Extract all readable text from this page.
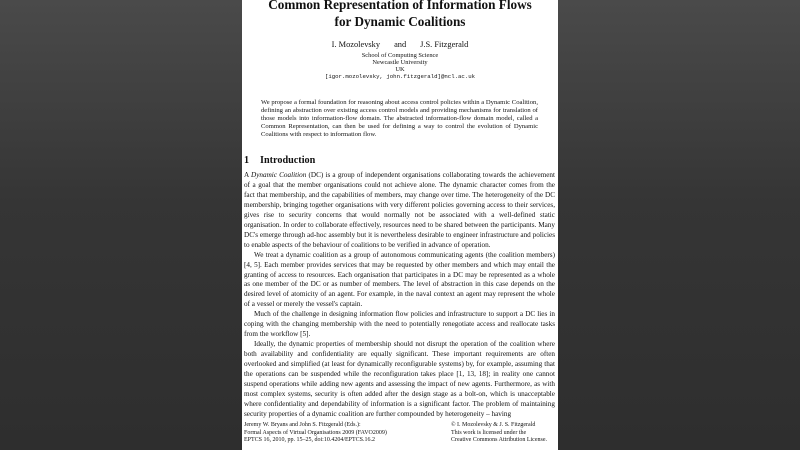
Common Representation of Information Flows
for Dynamic Coalitions
I. Mozolevsky and J.S. Fitzgerald
School of Computing Science
Newcastle University
UK
[igor.mozolevsky, john.fitzgerald]@ncl.ac.uk

We propose a formal foundation for reasoning about access control policies within a Dynamic Coalition, defining an abstraction over existing access control models and providing mechanisms for translation of those models into information-flow domain. The abstracted information-flow domain model, called a Common Representation, can then be used for defining a way to control the evolution of Dynamic Coalitions with respect to information flow.

1 Introduction

A Dynamic Coalition (DC) is a group of independent organisations collaborating towards the achievement of a goal that the member organisations could not achieve alone. The dynamic character comes from the fact that membership, and the capabilities of members, may change over time. The heterogeneity of the DC membership, bringing together organisations with very different policies governing access to their services, gives rise to security concerns that would normally not be associated with a well-defined static organisation. In order to collaborate effectively, resources need to be shared between the participants. Many DC's emerge through ad-hoc assembly but it is nevertheless desirable to engineer infrastructure and policies to enable aspects of the behaviour of coalitions to be verified in advance of operation.

We treat a dynamic coalition as a group of autonomous communicating agents (the coalition members) [4, 5]. Each member provides services that may be requested by other members and which may entail the granting of access to resources. Each organisation that participates in a DC may be represented as a whole as one member of the DC or as number of members. The level of abstraction in this case depends on the desired level of atomicity of an agent. For example, in the naval context an agent may represent the whole of a vessel or merely the vessel's captain.

Much of the challenge in designing information flow policies and infrastructure to support a DC lies in coping with the changing membership with the need to potentially renegotiate access and reallocate tasks from the workflow [5].

Ideally, the dynamic properties of membership should not disrupt the operation of the coalition where both availability and confidentiality are equally significant. These important requirements are often overlooked and simplified (at least for dynamically reconfigurable systems) by, for example, assuming that the operations can be suspended while the reconfiguration takes place [1, 13, 18]; in reality one cannot suspend operations while adding new agents and assessing the impact of new agents. Furthermore, as with most complex systems, security is often added after the design stage as a bolt-on, which is unacceptable where confidentiality and dependability of information is a significant factor. The problem of maintaining security properties of a dynamic coalition are further compounded by heterogeneity – having

Jeremy W. Bryans and John S. Fitzgerald (Eds.):
Formal Aspects of Virtual Organisations 2009 (FAVO2009)
EPTCS 16, 2010, pp. 15–25, doi:10.4204/EPTCS.16.2
© I. Mozolevsky & J. S. Fitzgerald
This work is licensed under the
Creative Commons Attribution License.
